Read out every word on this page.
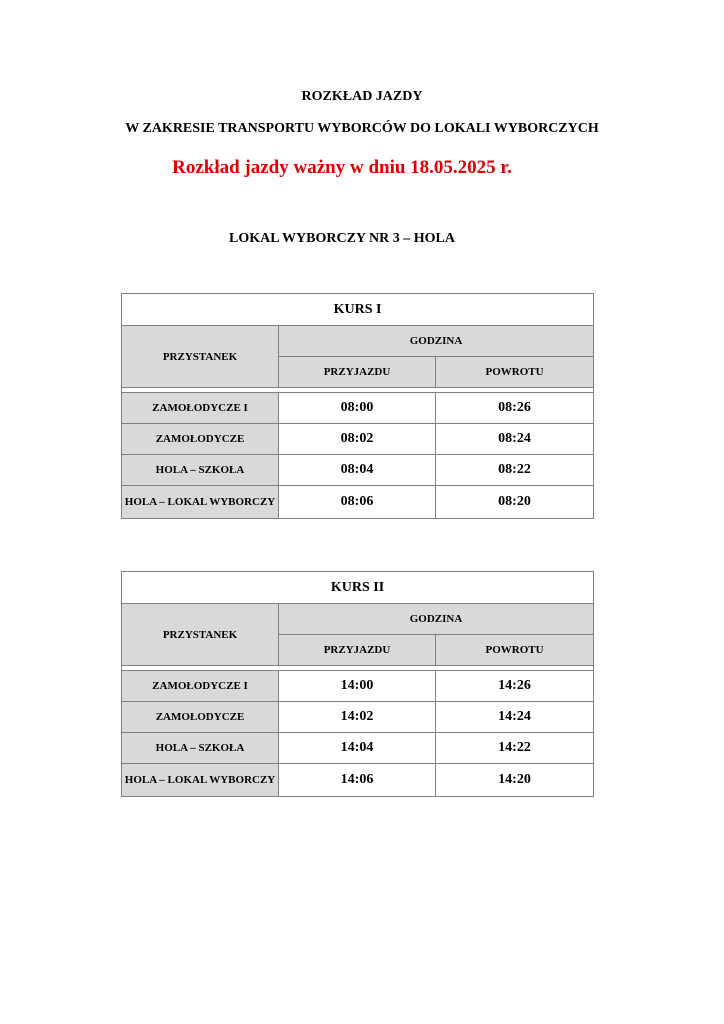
ROZKŁAD JAZDY
W ZAKRESIE TRANSPORTU WYBORCÓW DO LOKALI WYBORCZYCH
Rozkład jazdy ważny w dniu 18.05.2025 r.
LOKAL WYBORCZY NR 3 – HOLA
KURS I		
PRZYSTANEK	GODZINA	
	PRZYJAZDU	POWROTU

ZAMOŁODYCZE I	08:00	08:26
ZAMOŁODYCZE	08:02	08:24
HOLA – SZKOŁA	08:04	08:22
HOLA – LOKAL WYBORCZY	08:06	08:20
KURS II		
PRZYSTANEK	GODZINA	
	PRZYJAZDU	POWROTU

ZAMOŁODYCZE I	14:00	14:26
ZAMOŁODYCZE	14:02	14:24
HOLA – SZKOŁA	14:04	14:22
HOLA – LOKAL WYBORCZY	14:06	14:20
